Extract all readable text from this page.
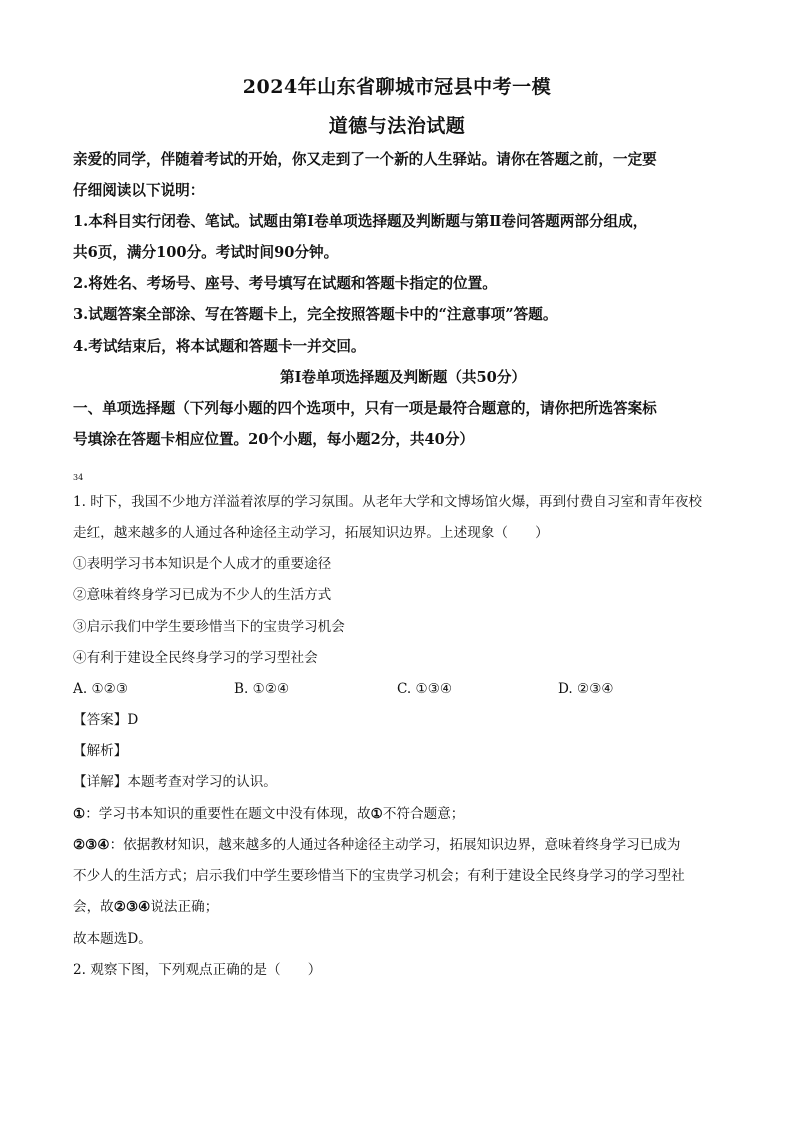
2024年山东省聊城市冠县中考一模
道德与法治试题
亲爱的同学，伴随着考试的开始，你又走到了一个新的人生驿站。请你在答题之前，一定要
仔细阅读以下说明：
1.本科目实行闭卷、笔试。试题由第Ⅰ卷单项选择题及判断题与第Ⅱ卷问答题两部分组成，
共6页，满分100分。考试时间90分钟。
2.将姓名、考场号、座号、考号填写在试题和答题卡指定的位置。
3.试题答案全部涂、写在答题卡上，完全按照答题卡中的“注意事项”答题。
4.考试结束后，将本试题和答题卡一并交回。
第Ⅰ卷单项选择题及判断题（共50分）
一、单项选择题（下列每小题的四个选项中，只有一项是最符合题意的，请你把所选答案标
号填涂在答题卡相应位置。20个小题，每小题2分，共40分）
34
1. 时下，我国不少地方洋溢着浓厚的学习氛围。从老年大学和文博场馆火爆，再到付费自习室和青年夜校
走红，越来越多的人通过各种途径主动学习，拓展知识边界。上述现象（　　）
①表明学习书本知识是个人成才的重要途径
②意味着终身学习已成为不少人的生活方式
③启示我们中学生要珍惜当下的宝贵学习机会
④有利于建设全民终身学习的学习型社会
A. ①②③	B. ①②④	C. ①③④	D. ②③④
【答案】D
【解析】
【详解】本题考查对学习的认识。
①：学习书本知识的重要性在题文中没有体现，故①不符合题意；
②③④：依据教材知识，越来越多的人通过各种途径主动学习，拓展知识边界，意味着终身学习已成为
不少人的生活方式；启示我们中学生要珍惜当下的宝贵学习机会；有利于建设全民终身学习的学习型社
会，故②③④说法正确；
故本题选D。
2. 观察下图，下列观点正确的是（　　）
